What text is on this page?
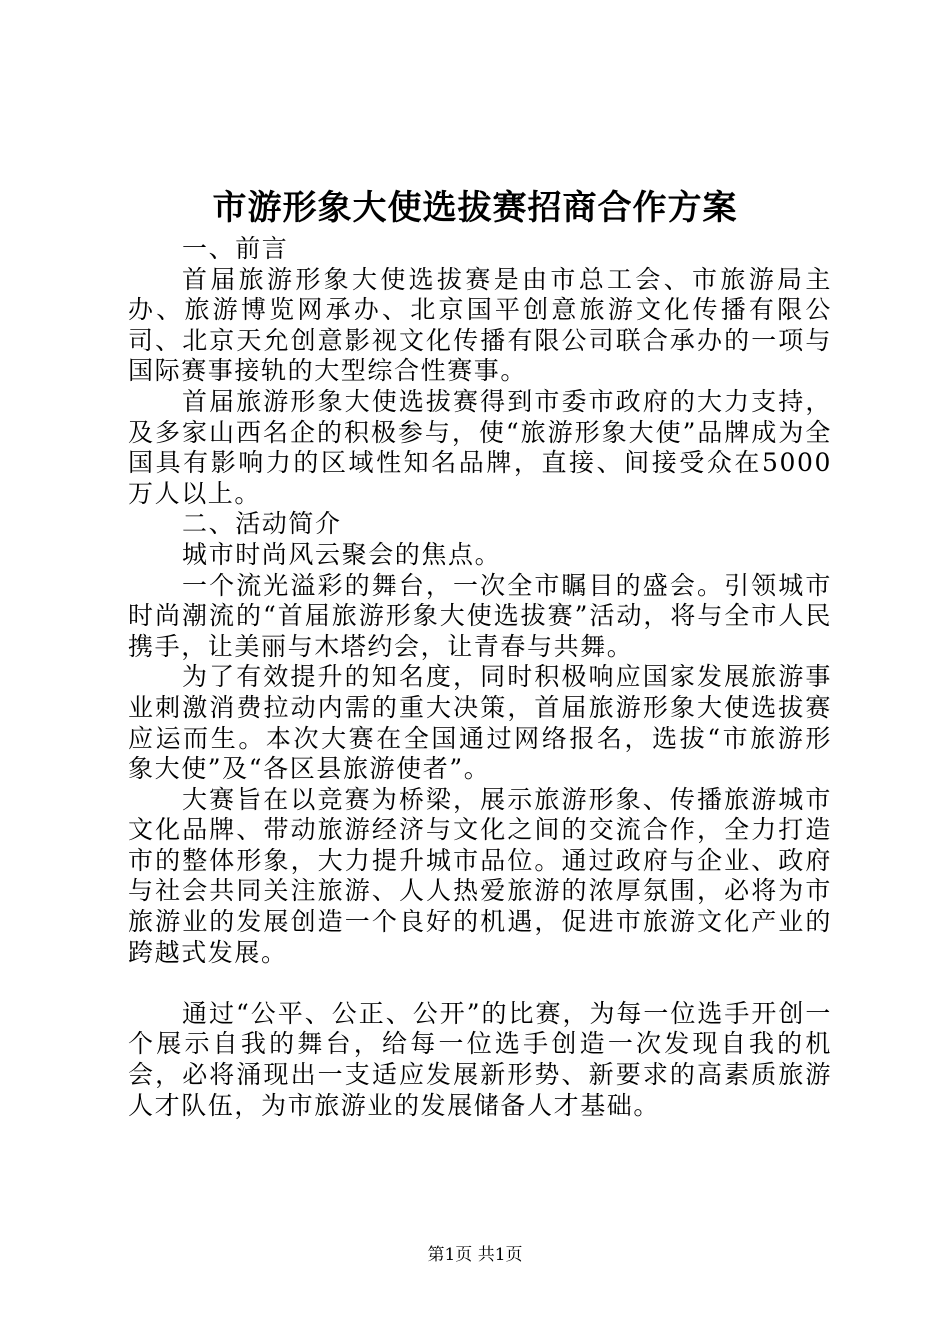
市游形象大使选拔赛招商合作方案

一、前言

首届旅游形象大使选拔赛是由市总工会、市旅游局主办、旅游博览网承办、北京国平创意旅游文化传播有限公司、北京天允创意影视文化传播有限公司联合承办的一项与国际赛事接轨的大型综合性赛事。

首届旅游形象大使选拔赛得到市委市政府的大力支持，及多家山西名企的积极参与，使“旅游形象大使”品牌成为全国具有影响力的区域性知名品牌，直接、间接受众在5000万人以上。

二、活动简介

城市时尚风云聚会的焦点。

一个流光溢彩的舞台，一次全市瞩目的盛会。引领城市时尚潮流的“首届旅游形象大使选拔赛”活动，将与全市人民携手，让美丽与木塔约会，让青春与共舞。

为了有效提升的知名度，同时积极响应国家发展旅游事业刺激消费拉动内需的重大决策，首届旅游形象大使选拔赛应运而生。本次大赛在全国通过网络报名，选拔“市旅游形象大使”及“各区县旅游使者”。

大赛旨在以竞赛为桥梁，展示旅游形象、传播旅游城市文化品牌、带动旅游经济与文化之间的交流合作，全力打造市的整体形象，大力提升城市品位。通过政府与企业、政府与社会共同关注旅游、人人热爱旅游的浓厚氛围，必将为市旅游业的发展创造一个良好的机遇，促进市旅游文化产业的跨越式发展。

通过“公平、公正、公开”的比赛，为每一位选手开创一个展示自我的舞台，给每一位选手创造一次发现自我的机会，必将涌现出一支适应发展新形势、新要求的高素质旅游人才队伍，为市旅游业的发展储备人才基础。

第1页 共1页
